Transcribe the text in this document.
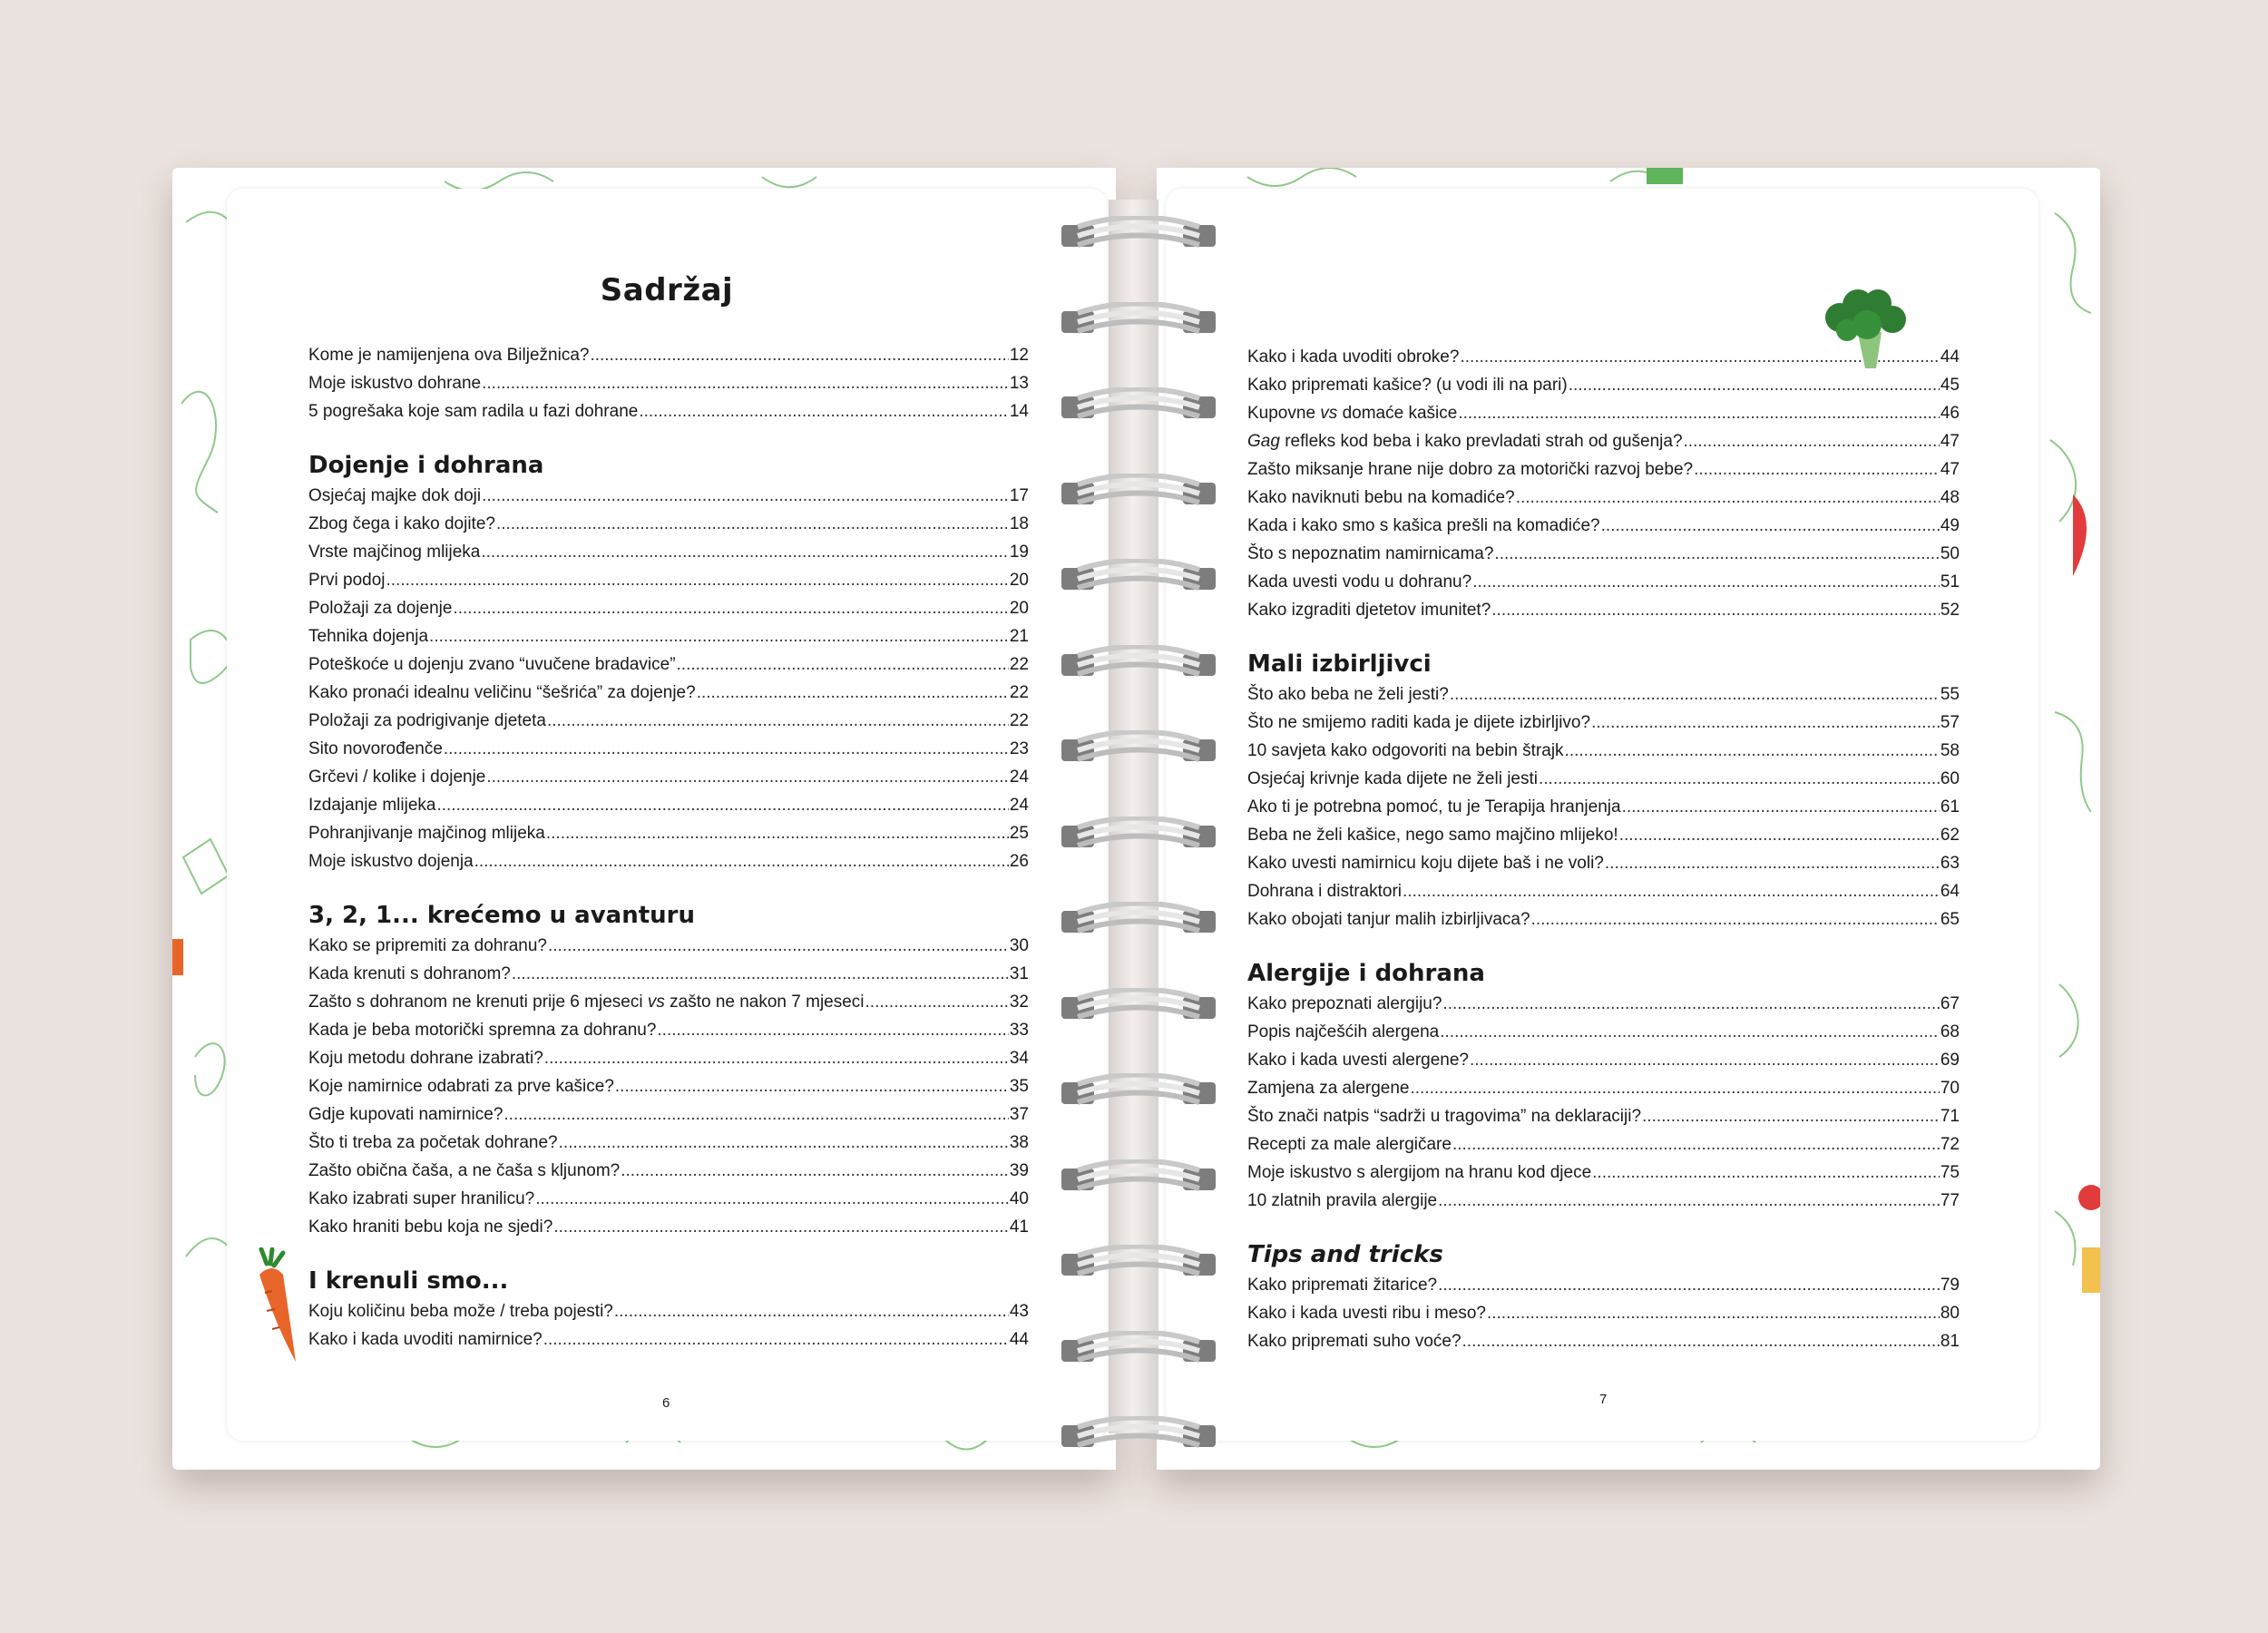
Sadržaj
Kome je namijenjena ova Bilježnica? .....	12
Moje iskustvo dohrane .....	13
5 pogrešaka koje sam radila u fazi dohrane .....	14
Dojenje i dohrana
Osjećaj majke dok doji .....	17
Zbog čega i kako dojite? .....	18
Vrste majčinog mlijeka .....	19
Prvi podoj .....	20
Položaji za dojenje .....	20
Tehnika dojenja .....	21
Poteškoće u dojenju zvano “uvučene bradavice” .....	22
Kako pronaći idealnu veličinu “šešrića” za dojenje? .....	22
Položaji za podrigivanje djeteta .....	22
Sito novorođenče .....	23
Grčevi / kolike i dojenje .....	24
Izdajanje mlijeka .....	24
Pohranjivanje majčinog mlijeka .....	25
Moje iskustvo dojenja .....	26
3, 2, 1... krećemo u avanturu
Kako se pripremiti za dohranu? .....	30
Kada krenuti s dohranom? .....	31
Zašto s dohranom ne krenuti prije 6 mjeseci vs zašto ne nakon 7 mjeseci .....	32
Kada je beba motorički spremna za dohranu? .....	33
Koju metodu dohrane izabrati? .....	34
Koje namirnice odabrati za prve kašice? .....	35
Gdje kupovati namirnice? .....	37
Što ti treba za početak dohrane? .....	38
Zašto obična čaša, a ne čaša s kljunom? .....	39
Kako izabrati super hranilicu? .....	40
Kako hraniti bebu koja ne sjedi? .....	41
I krenuli smo...
Koju količinu beba može / treba pojesti? .....	43
Kako i kada uvoditi namirnice? .....	44
6
Kako i kada uvoditi obroke? .....	44
Kako pripremati kašice? (u vodi ili na pari) .....	45
Kupovne vs domaće kašice .....	46
Gag refleks kod beba i kako prevladati strah od gušenja? .....	47
Zašto miksanje hrane nije dobro za motorički razvoj bebe? .....	47
Kako naviknuti bebu na komadiće? .....	48
Kada i kako smo s kašica prešli na komadiće? .....	49
Što s nepoznatim namirnicama? .....	50
Kada uvesti vodu u dohranu? .....	51
Kako izgraditi djetetov imunitet? .....	52
Mali izbirljivci
Što ako beba ne želi jesti? .....	55
Što ne smijemo raditi kada je dijete izbirljivo? .....	57
10 savjeta kako odgovoriti na bebin štrajk .....	58
Osjećaj krivnje kada dijete ne želi jesti .....	60
Ako ti je potrebna pomoć, tu je Terapija hranjenja .....	61
Beba ne želi kašice, nego samo majčino mlijeko! .....	62
Kako uvesti namirnicu koju dijete baš i ne voli? .....	63
Dohrana i distraktori .....	64
Kako obojati tanjur malih izbirljivaca? .....	65
Alergije i dohrana
Kako prepoznati alergiju? .....	67
Popis najčešćih alergena .....	68
Kako i kada uvesti alergene? .....	69
Zamjena za alergene .....	70
Što znači natpis “sadrži u tragovima” na deklaraciji? .....	71
Recepti za male alergičare .....	72
Moje iskustvo s alergijom na hranu kod djece .....	75
10 zlatnih pravila alergije .....	77
Tips and tricks
Kako pripremati žitarice? .....	79
Kako i kada uvesti ribu i meso? .....	80
Kako pripremati suho voće? .....	81
7
